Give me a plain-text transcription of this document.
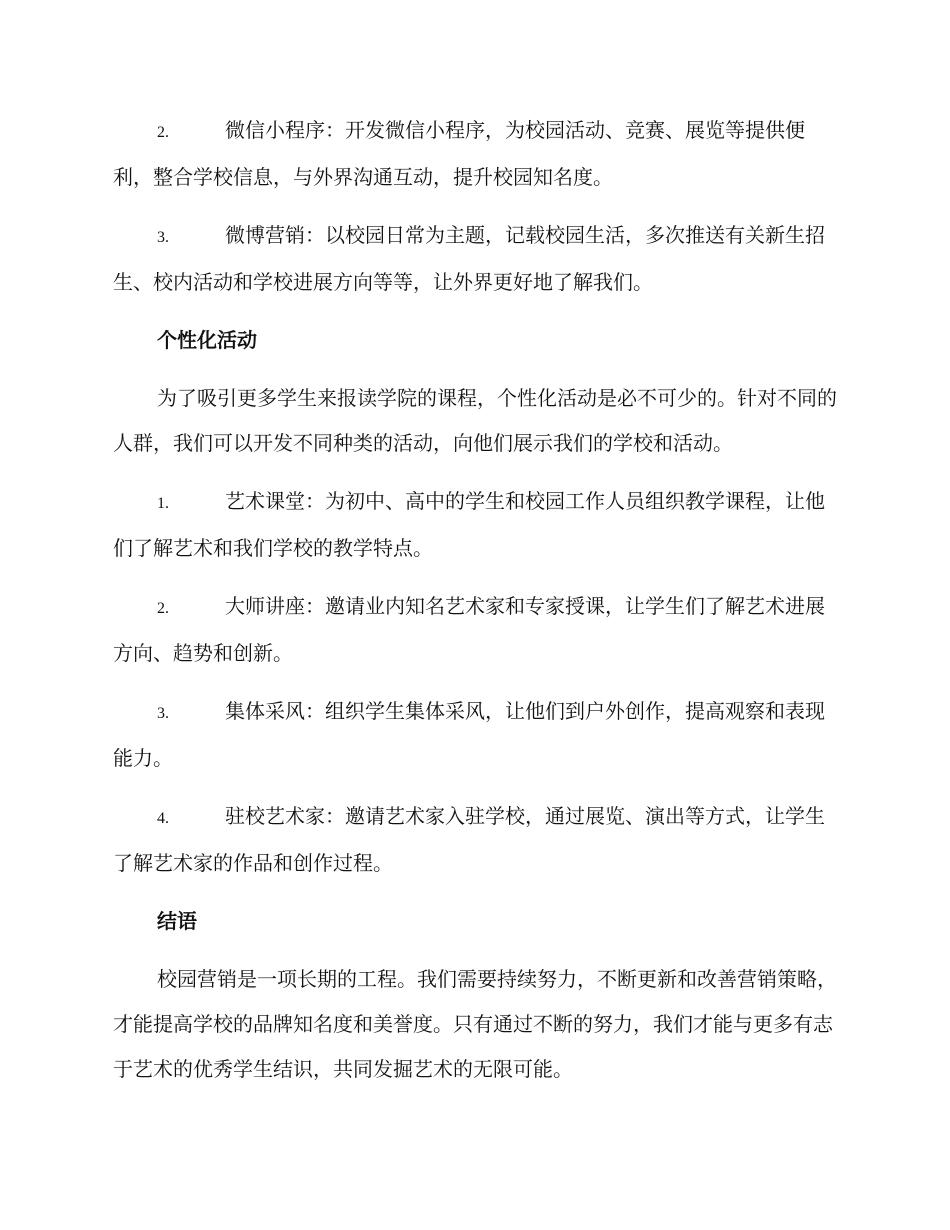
2.	微信小程序：开发微信小程序，为校园活动、竞赛、展览等提供便利，整合学校信息，与外界沟通互动，提升校园知名度。

3.	微博营销：以校园日常为主题，记载校园生活，多次推送有关新生招生、校内活动和学校进展方向等等，让外界更好地了解我们。

个性化活动

为了吸引更多学生来报读学院的课程，个性化活动是必不可少的。针对不同的人群，我们可以开发不同种类的活动，向他们展示我们的学校和活动。

1.	艺术课堂：为初中、高中的学生和校园工作人员组织教学课程，让他们了解艺术和我们学校的教学特点。

2.	大师讲座：邀请业内知名艺术家和专家授课，让学生们了解艺术进展方向、趋势和创新。

3.	集体采风：组织学生集体采风，让他们到户外创作，提高观察和表现能力。

4.	驻校艺术家：邀请艺术家入驻学校，通过展览、演出等方式，让学生了解艺术家的作品和创作过程。

结语

校园营销是一项长期的工程。我们需要持续努力，不断更新和改善营销策略，才能提高学校的品牌知名度和美誉度。只有通过不断的努力，我们才能与更多有志于艺术的优秀学生结识，共同发掘艺术的无限可能。
